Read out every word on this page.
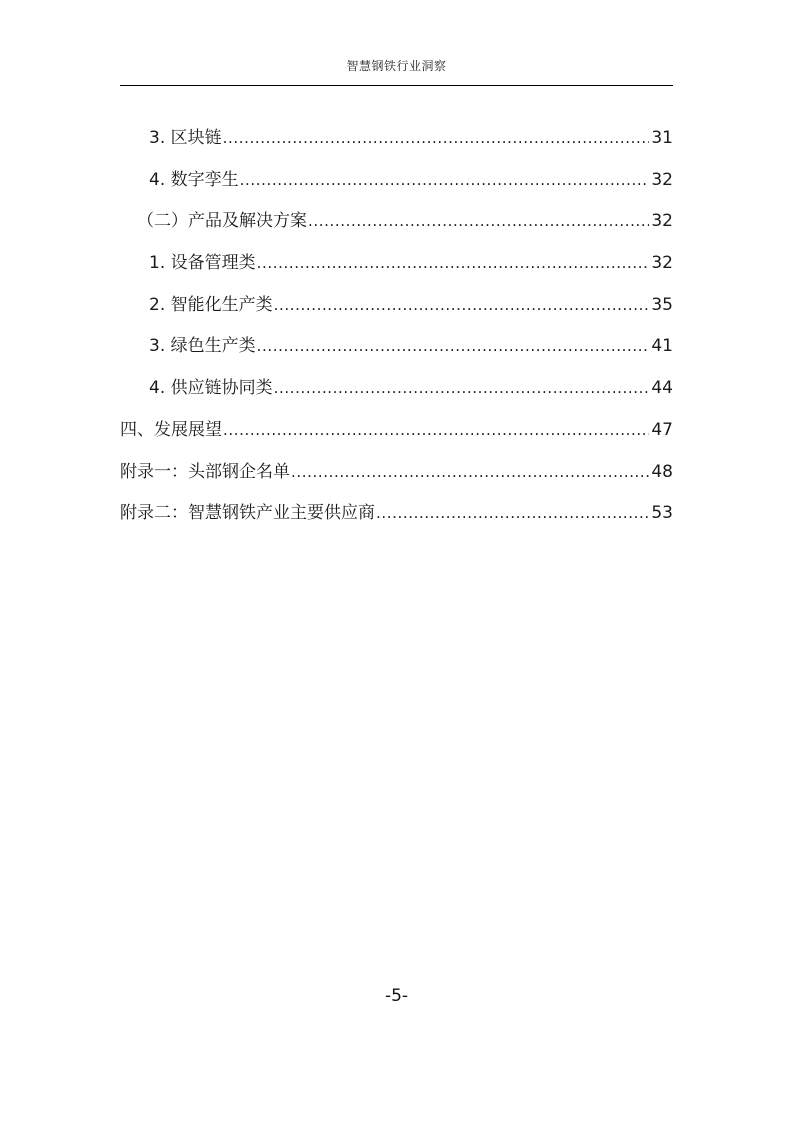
智慧钢铁行业洞察
3. 区块链 .....	31
4. 数字孪生 .....	32
（二）产品及解决方案 .....	32
1. 设备管理类 .....	32
2. 智能化生产类 .....	35
3. 绿色生产类 .....	41
4. 供应链协同类 .....	44
四、发展展望 .....	47
附录一：头部钢企名单 .....	48
附录二：智慧钢铁产业主要供应商 .....	53
-5-
